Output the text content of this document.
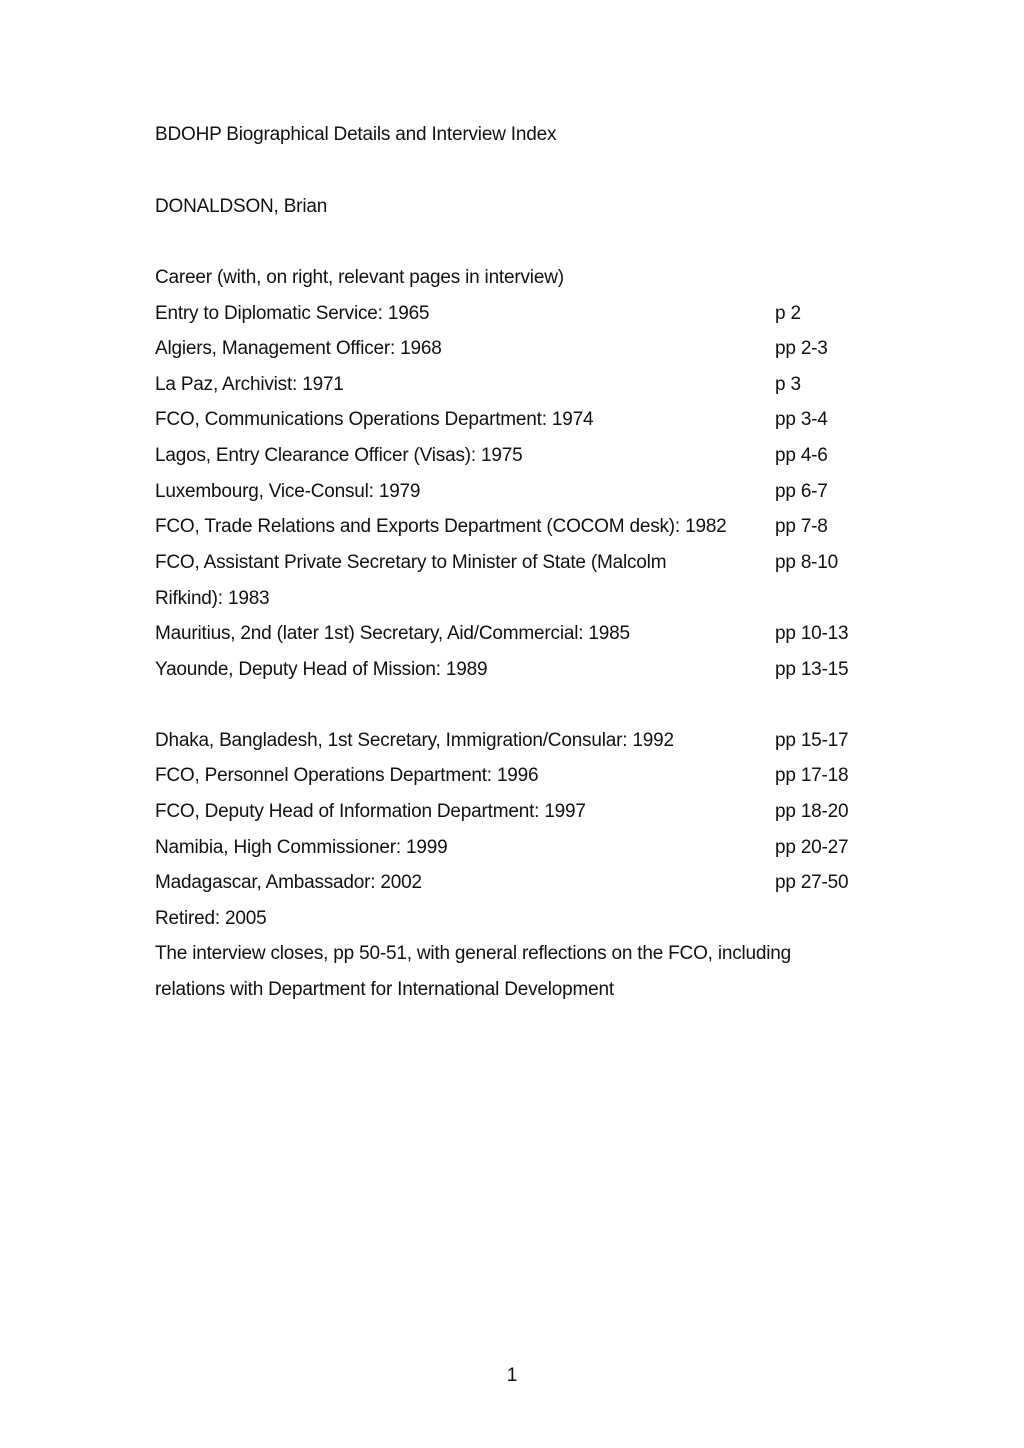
BDOHP Biographical Details and Interview Index
DONALDSON, Brian
Career (with, on right, relevant pages in interview)
Entry to Diplomatic Service: 1965	p 2
Algiers, Management Officer: 1968	pp 2-3
La Paz, Archivist: 1971	p 3
FCO, Communications Operations Department: 1974	pp 3-4
Lagos, Entry Clearance Officer (Visas): 1975	pp 4-6
Luxembourg, Vice-Consul: 1979	pp 6-7
FCO, Trade Relations and Exports Department (COCOM desk): 1982	pp 7-8
FCO, Assistant Private Secretary to Minister of State (Malcolm	pp 8-10
Rifkind): 1983
Mauritius, 2nd (later 1st) Secretary, Aid/Commercial: 1985	pp 10-13
Yaounde, Deputy Head of Mission: 1989	pp 13-15
Dhaka, Bangladesh, 1st Secretary, Immigration/Consular: 1992	pp 15-17
FCO, Personnel Operations Department: 1996	pp 17-18
FCO, Deputy Head of Information Department: 1997	pp 18-20
Namibia, High Commissioner: 1999	pp 20-27
Madagascar, Ambassador: 2002	pp 27-50
Retired: 2005
The interview closes, pp 50-51, with general reflections on the FCO, including
relations with Department for International Development
1
